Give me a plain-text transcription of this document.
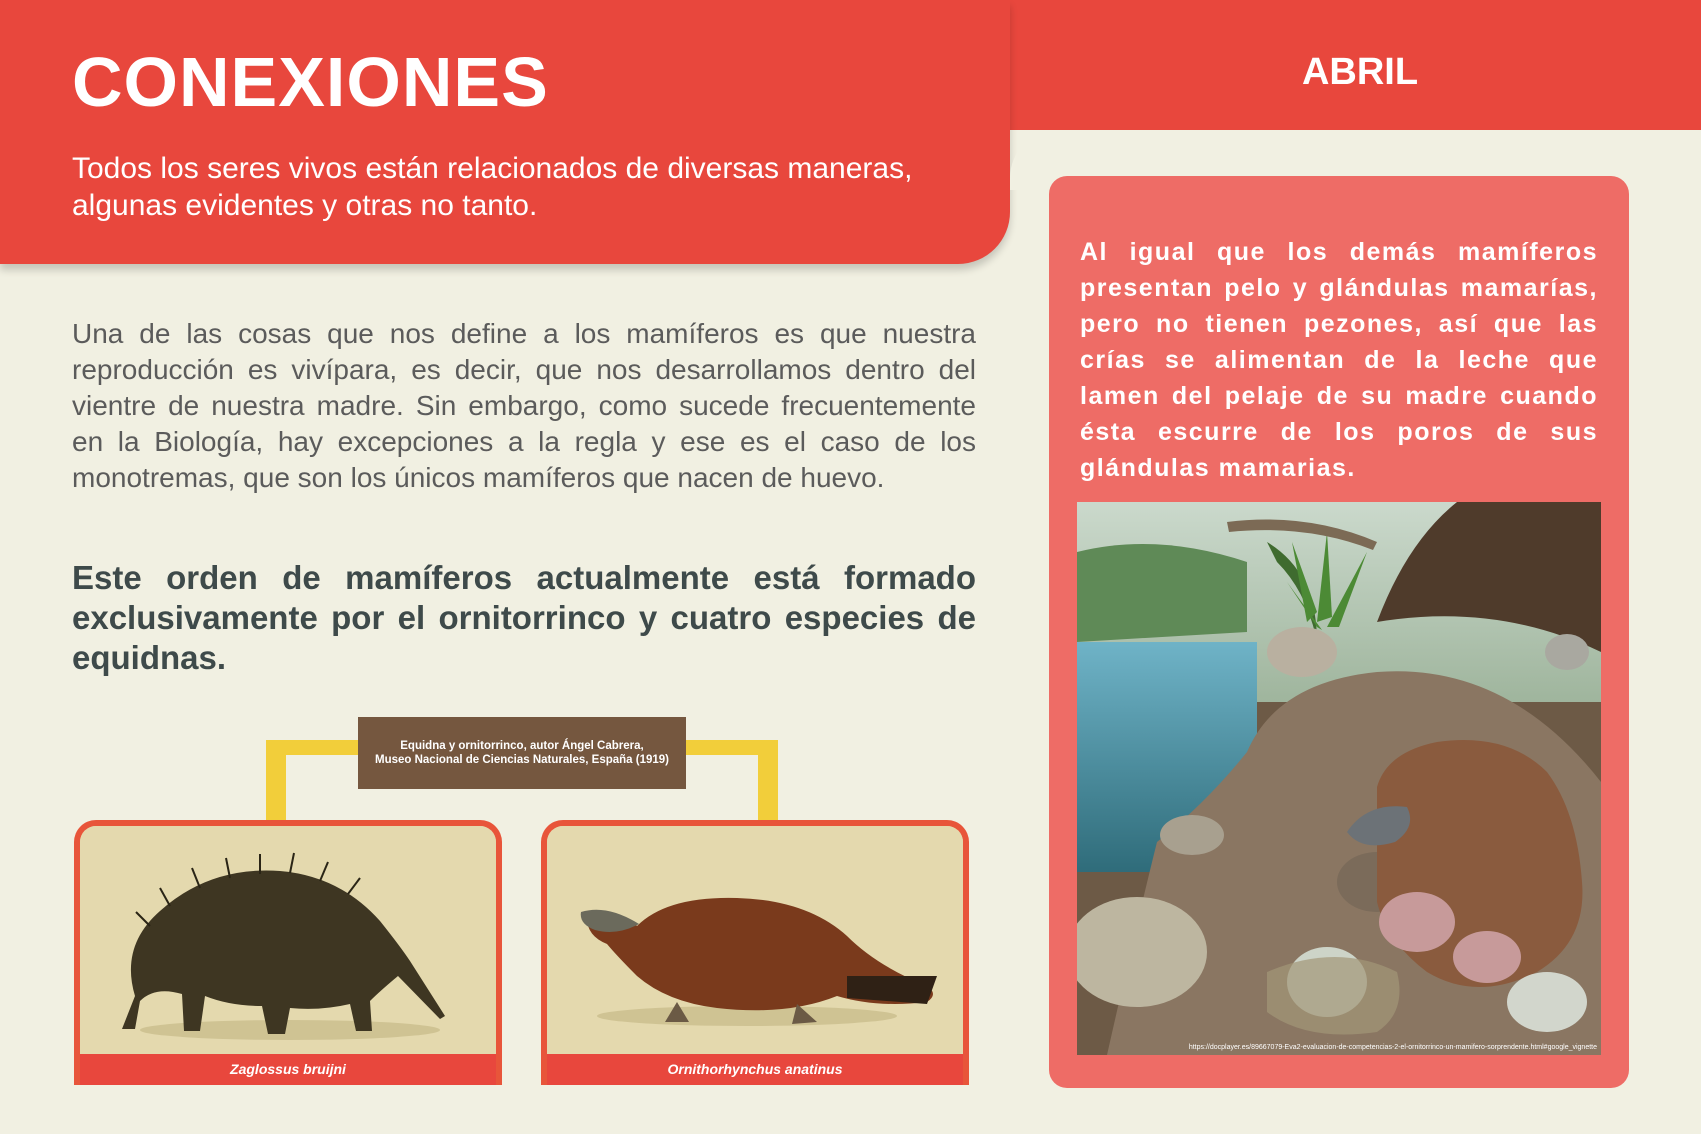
CONEXIONES	ABRIL

Todos los seres vivos están relacionados de diversas maneras, algunas evidentes y otras no tanto.

Una de las cosas que nos define a los mamíferos es que nuestra reproducción es vivípara, es decir, que nos desarrollamos dentro del vientre de nuestra madre. Sin embargo, como sucede frecuentemente en la Biología, hay excepciones a la regla y ese es el caso de los monotremas, que son los únicos mamíferos que nacen de huevo.

Este orden de mamíferos actualmente está formado exclusivamente por el ornitorrinco y cuatro especies de equidnas.

Equidna y ornitorrinco, autor Ángel Cabrera,
Museo Nacional de Ciencias Naturales, España (1919)
Zaglossus bruijni	Ornithorhynchus anatinus

Al igual que los demás mamíferos presentan pelo y glándulas mamarías, pero no tienen pezones, así que las crías se alimentan de la leche que lamen del pelaje de su madre cuando ésta escurre de los poros de sus glándulas mamarias.

https://docplayer.es/89667079-Eva2-evaluacion-de-competencias-2-el-ornitorrinco-un-mamifero-sorprendente.html#google_vignette
